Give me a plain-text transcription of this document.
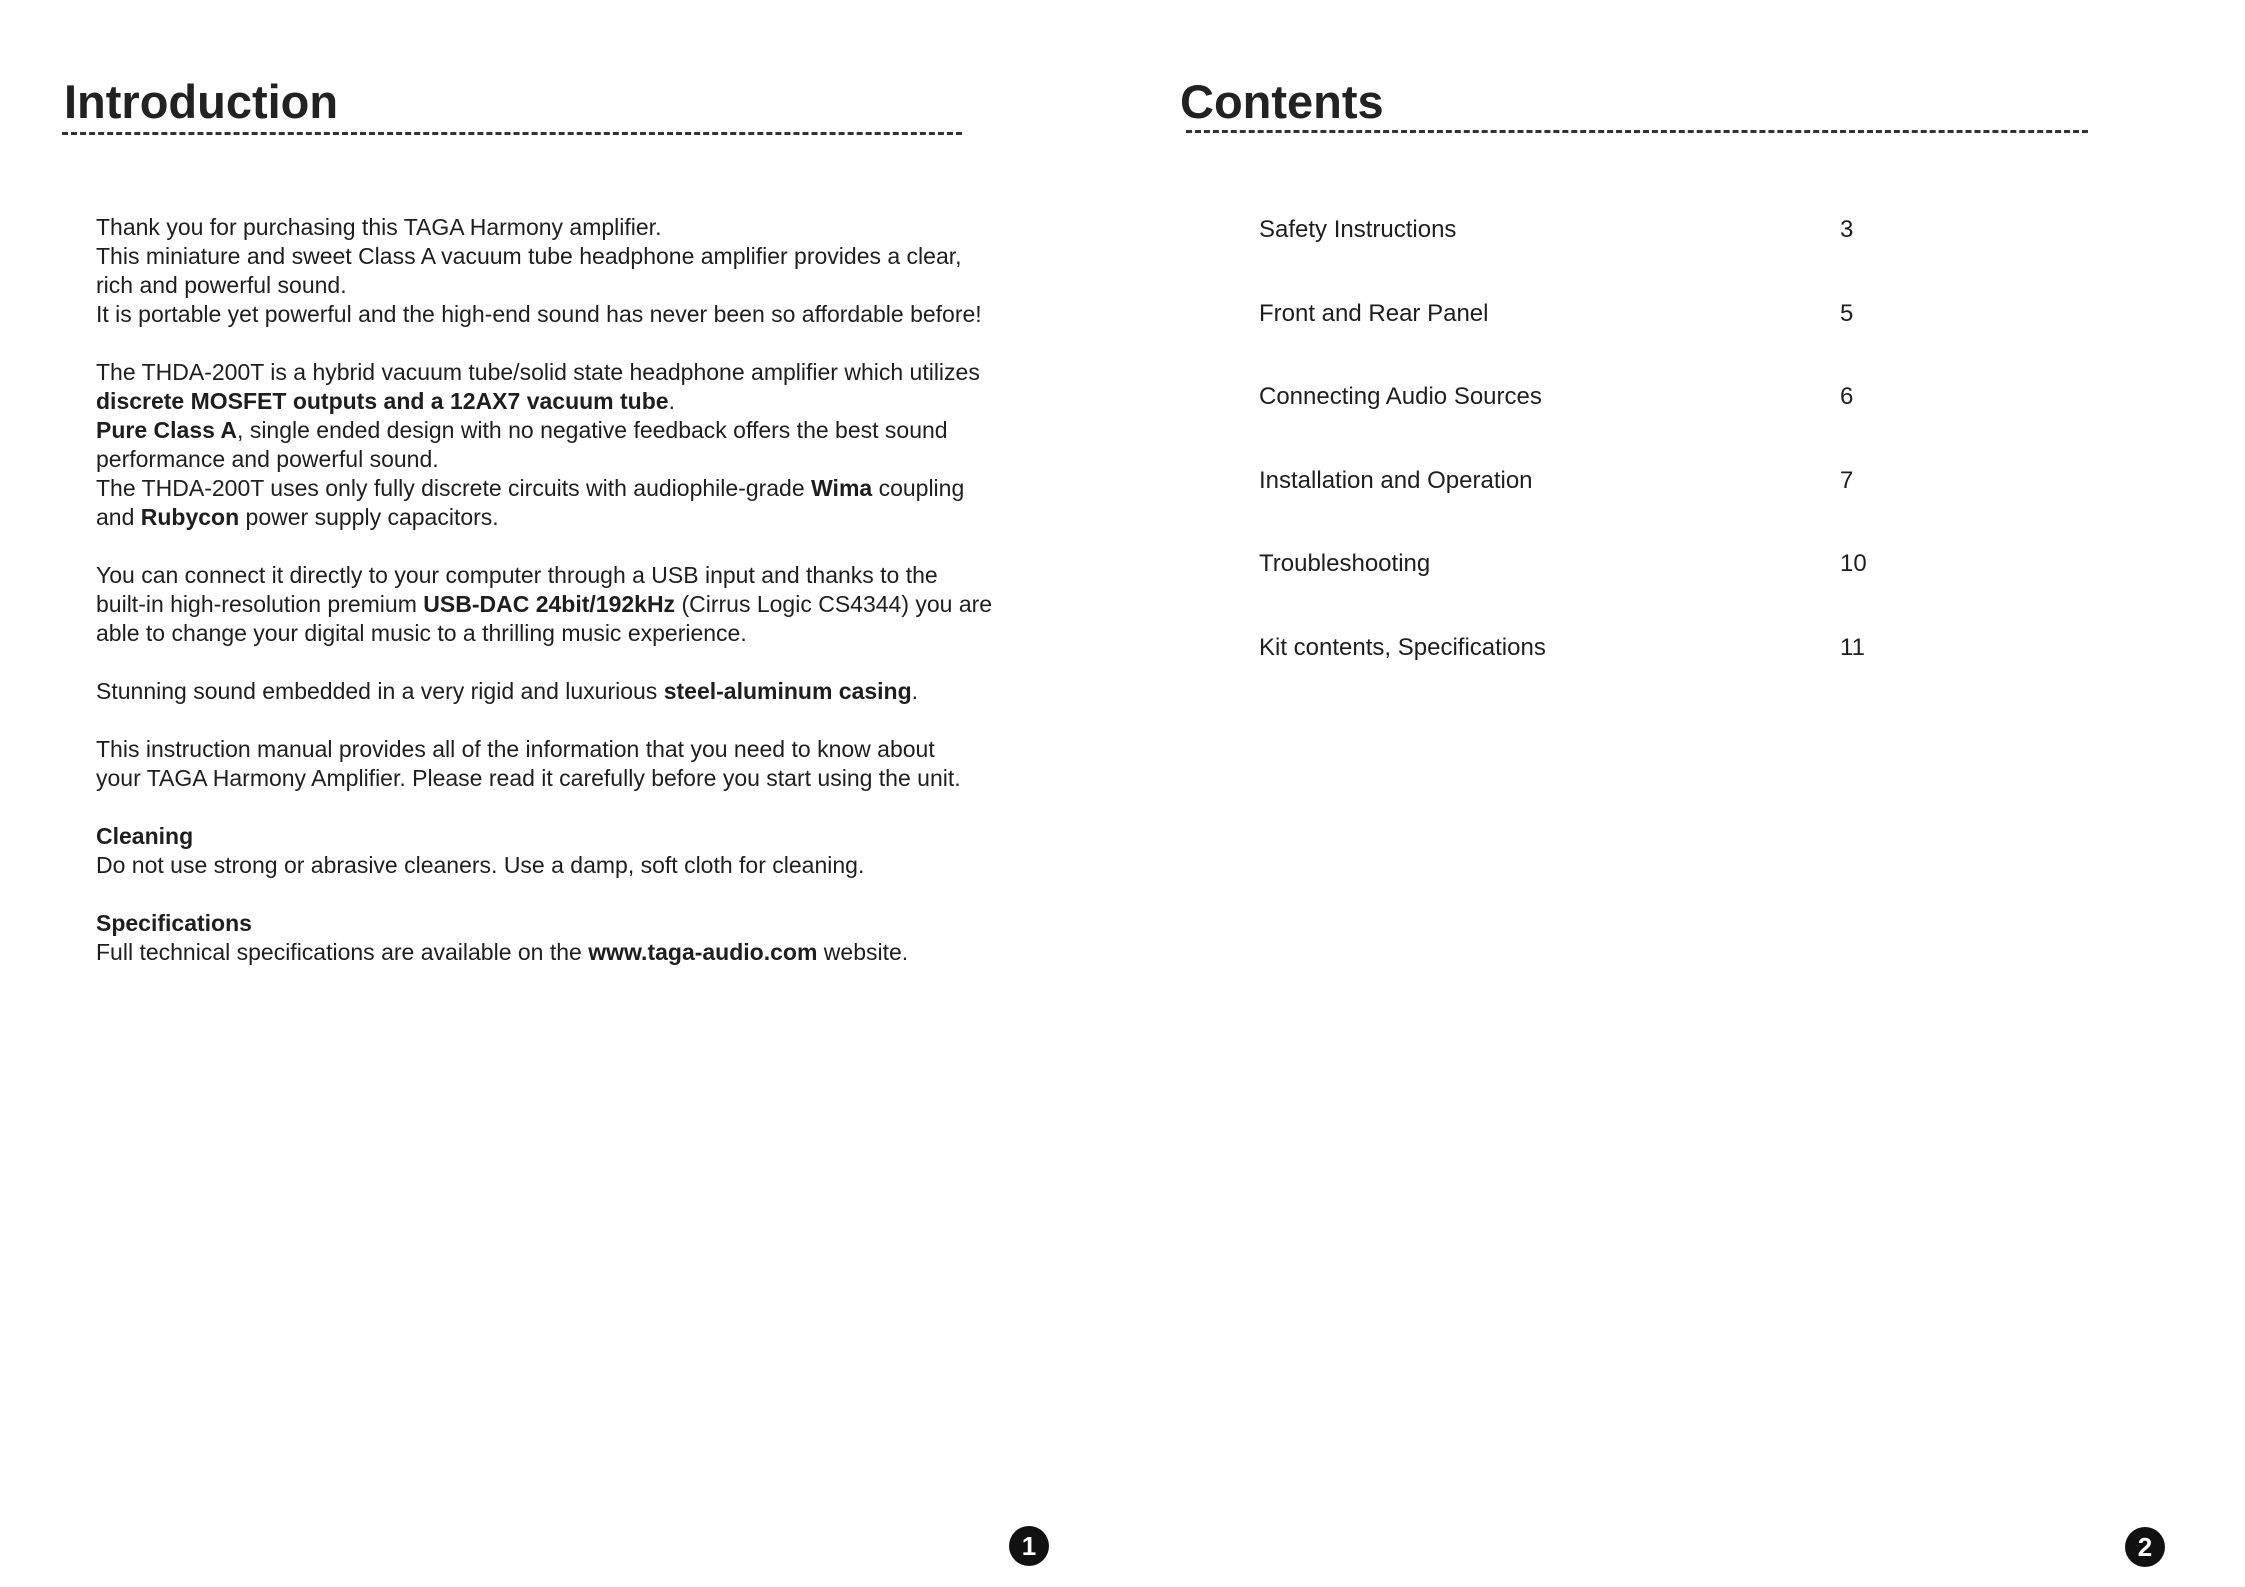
Introduction

Thank you for purchasing this TAGA Harmony amplifier.
This miniature and sweet Class A vacuum tube headphone amplifier provides a clear,
rich and powerful sound.
It is portable yet powerful and the high-end sound has never been so affordable before!

The THDA-200T is a hybrid vacuum tube/solid state headphone amplifier which utilizes
discrete MOSFET outputs and a 12AX7 vacuum tube.
Pure Class A, single ended design with no negative feedback offers the best sound
performance and powerful sound.
The THDA-200T uses only fully discrete circuits with audiophile-grade Wima coupling
and Rubycon power supply capacitors.

You can connect it directly to your computer through a USB input and thanks to the
built-in high-resolution premium USB-DAC 24bit/192kHz (Cirrus Logic CS4344) you are
able to change your digital music to a thrilling music experience.

Stunning sound embedded in a very rigid and luxurious steel-aluminum casing.

This instruction manual provides all of the information that you need to know about
your TAGA Harmony Amplifier. Please read it carefully before you start using the unit.

Cleaning
Do not use strong or abrasive cleaners. Use a damp, soft cloth for cleaning.

Specifications
Full technical specifications are available on the www.taga-audio.com website.

1
Contents
Safety Instructions	3
Front and Rear Panel	5
Connecting Audio Sources	6
Installation and Operation	7
Troubleshooting	10
Kit contents, Specifications	11
2
